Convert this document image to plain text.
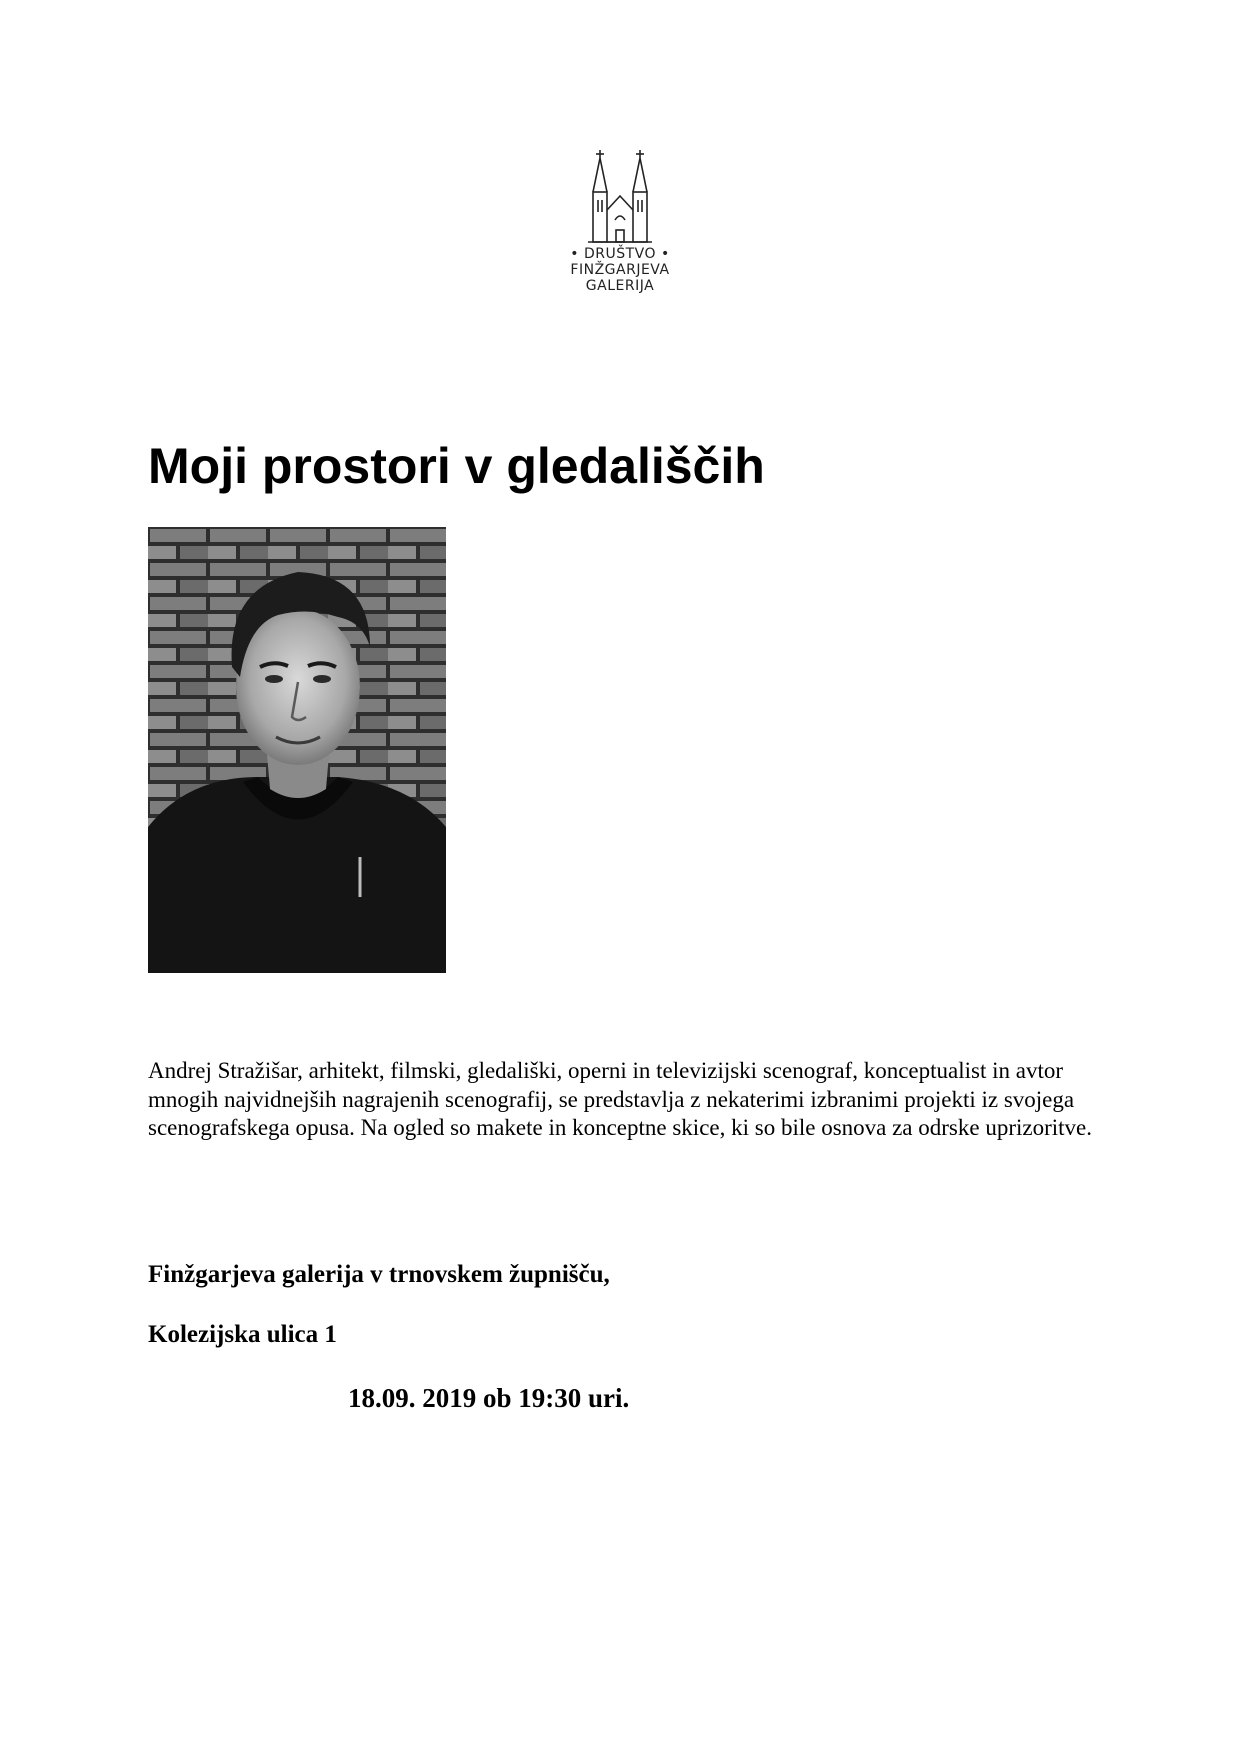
• DRUŠTVO •
FINŽGARJEVA
GALERIJA
Moji prostori v gledališčih

Andrej Stražišar, arhitekt, filmski, gledališki, operni in televizijski scenograf, konceptualist in avtor mnogih najvidnejših nagrajenih scenografij, se predstavlja z nekaterimi izbranimi projekti iz svojega scenografskega opusa. Na ogled so makete in konceptne skice, ki so bile osnova za odrske uprizoritve.

Finžgarjeva galerija v trnovskem župnišču,

Kolezijska ulica 1

18.09. 2019 ob 19:30 uri.
